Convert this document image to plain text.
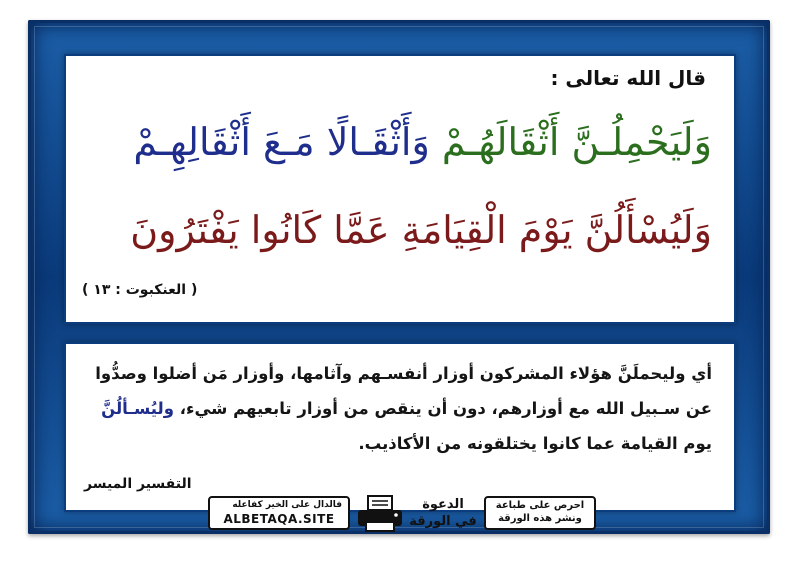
قال الله تعالى :
وَلَيَحْمِلُـنَّ أَثْقَالَهُـمْ وَأَثْقَـالًا مَـعَ أَثْقَالِهِـمْ
وَلَيُسْأَلُنَّ يَوْمَ الْقِيَامَةِ عَمَّا كَانُوا يَفْتَرُونَ
( العنكبوت : ١٣ )
أي وليحملَنَّ هؤلاء المشركون أوزار أنفسـهم وآثامها، وأوزار مَن أضلوا وصدُّوا
عن سـبيل الله مع أوزارهم، دون أن ينقص من أوزار تابعيهم شيء، وليُسـألُنَّ
يوم القيامة عما كانوا يختلقونه من الأكاذيب.
التفسير الميسر
فالدال على الخير كفاعله
ALBETAQA.SITE
الدعوة
في الورقة
احرص على طباعة
ونشر هذه الورقة
